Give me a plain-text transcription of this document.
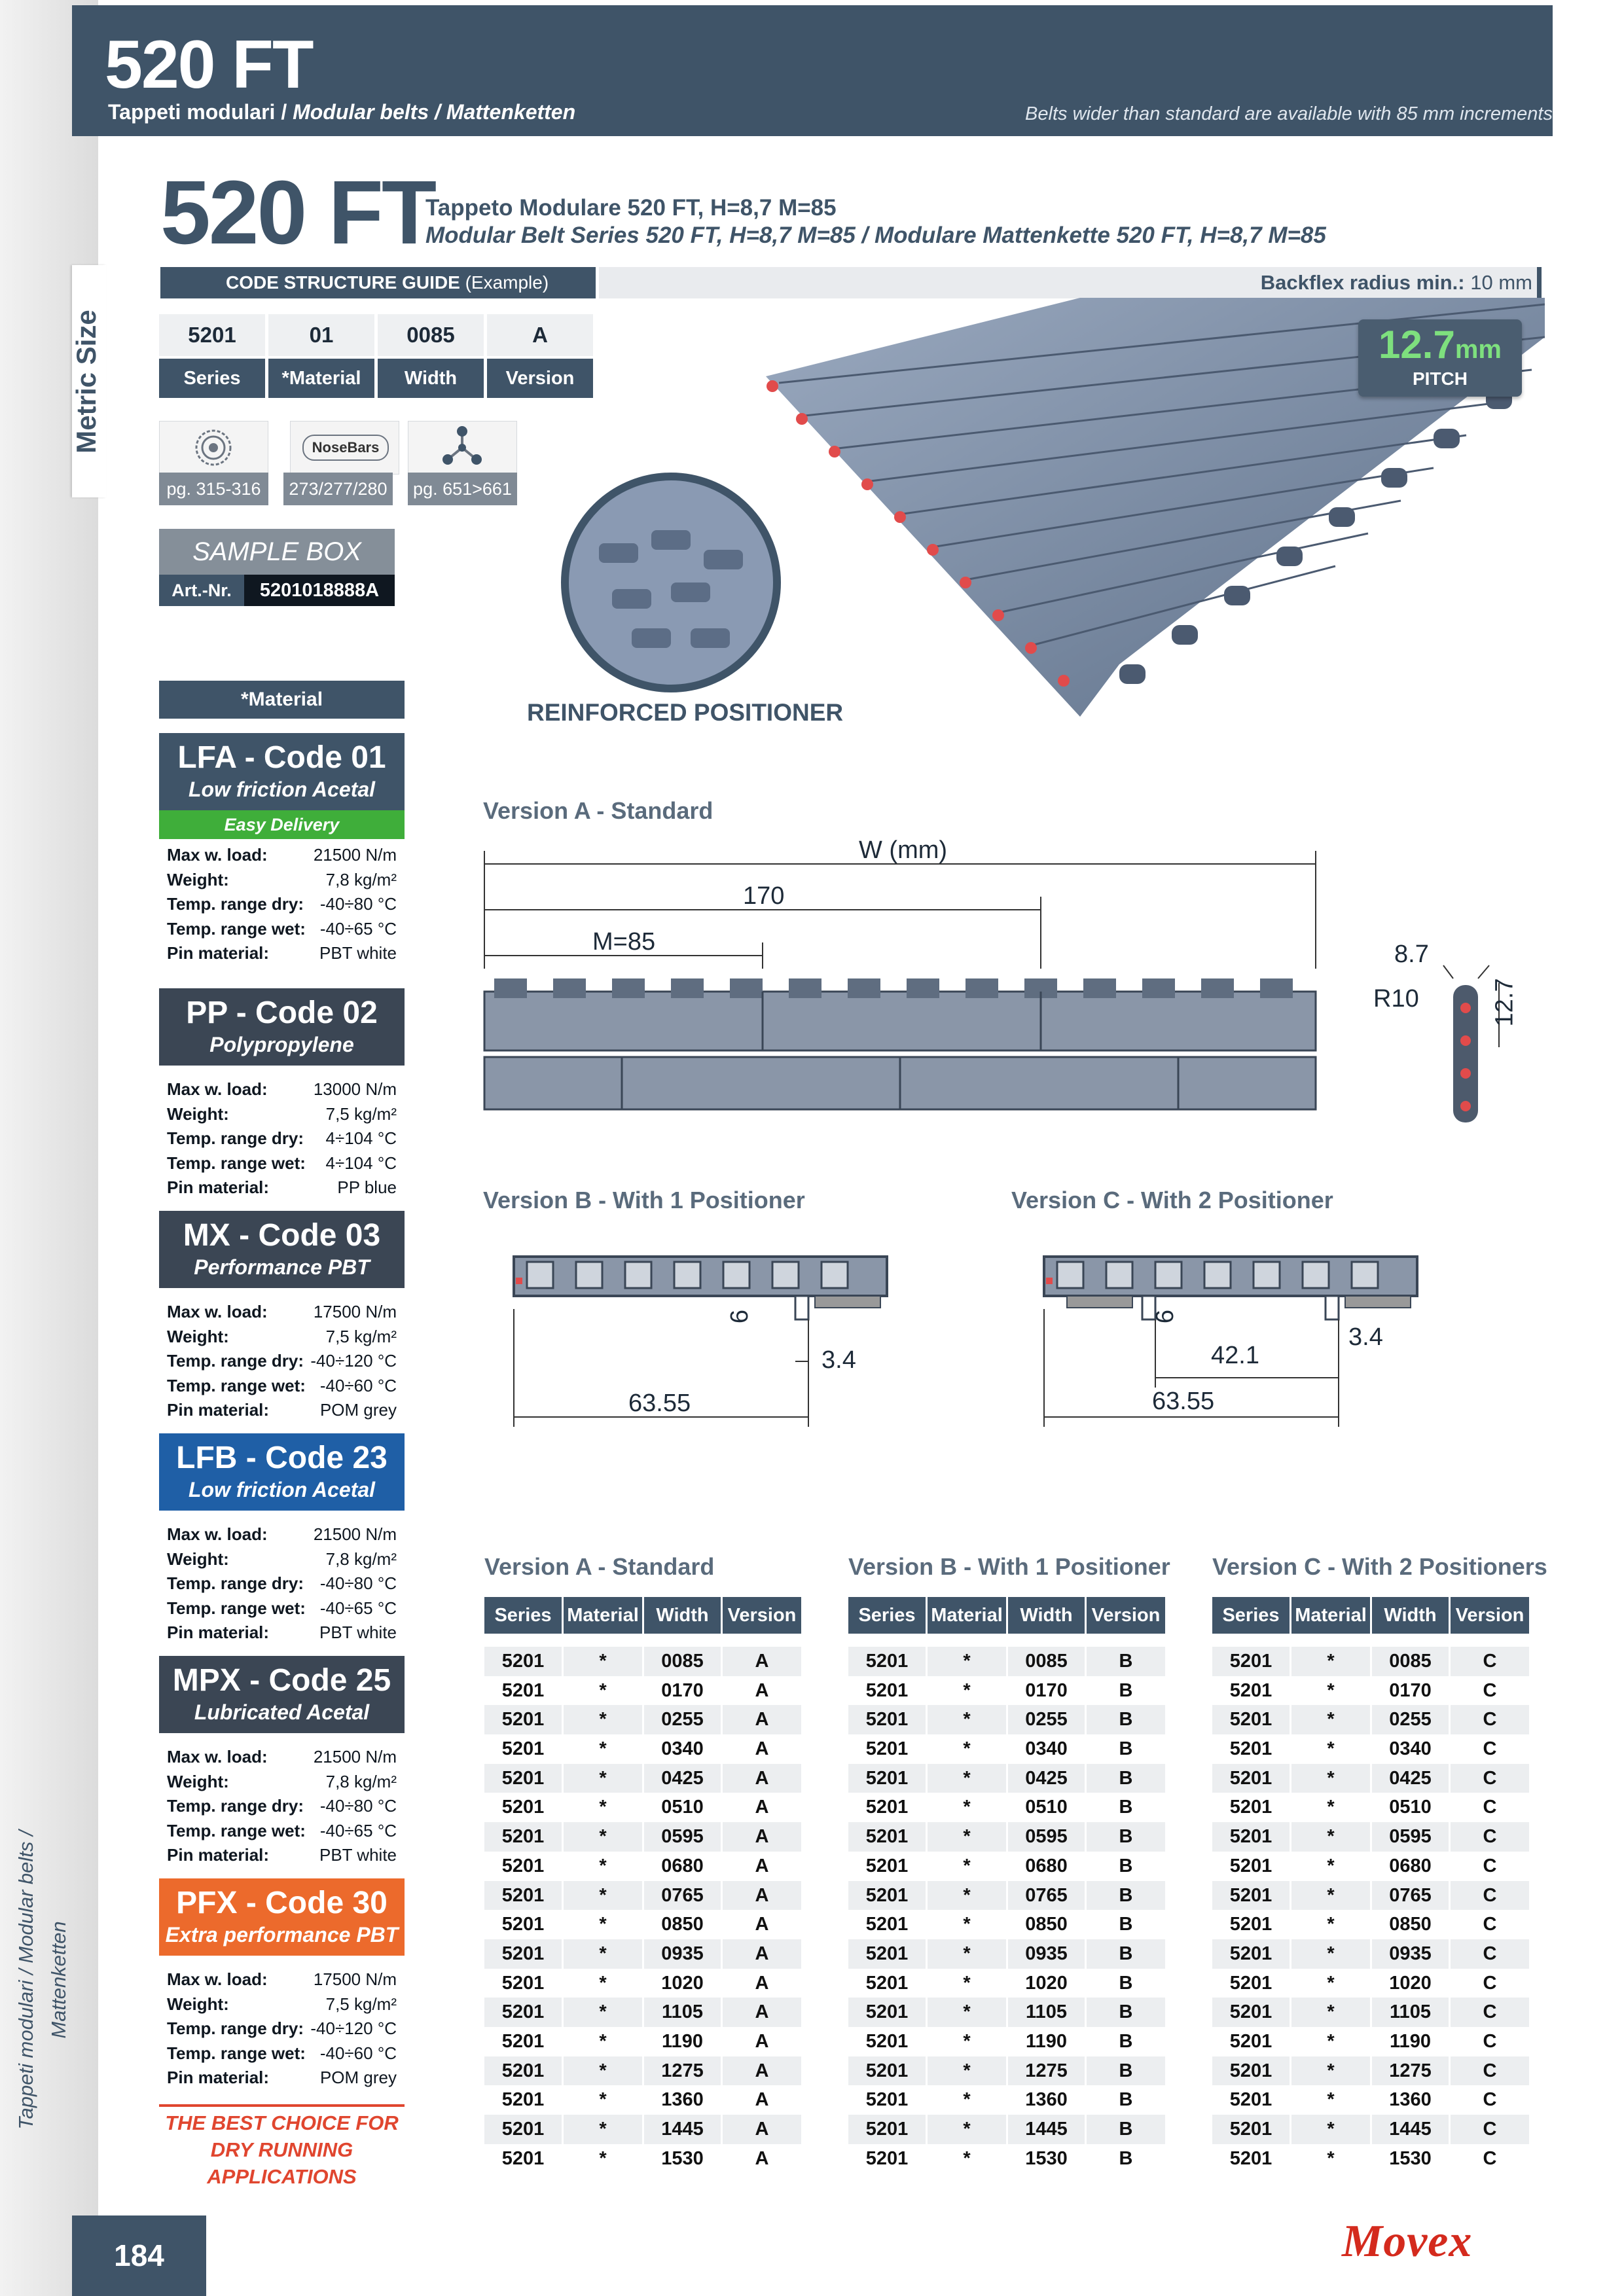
Metric Size
Tappeti modulari / Modular belts / Mattenketten
184
520 FT
Tappeti modulari / Modular belts / Mattenketten	Belts wider than standard are available with 85 mm increments
520 FT
Tappeto Modulare 520 FT, H=8,7 M=85
Modular Belt Series 520 FT, H=8,7 M=85 / Modulare Mattenkette 520 FT, H=8,7 M=85
CODE STRUCTURE GUIDE (Example)	Backflex radius min.: 10 mm
5201	01	0085	A
Series	*Material	Width	Version
NoseBars
pg. 315-316	273/277/280	pg. 651>661
SAMPLE BOX
Art.-Nr.	5201018888A
12.7mm
PITCH
REINFORCED POSITIONER
*Material
LFA - Code 01
Low friction Acetal
Easy Delivery
Max w. load:	21500 N/m
Weight:	7,8 kg/m²
Temp. range dry: -40÷80 °C
Temp. range wet: -40÷65 °C
Pin material:	PBT white
PP - Code 02
Polypropylene
Max w. load:	13000 N/m
Weight:	7,5 kg/m²
Temp. range dry: 4÷104 °C
Temp. range wet: 4÷104 °C
Pin material:	PP blue
MX - Code 03
Performance PBT
Max w. load:	17500 N/m
Weight:	7,5 kg/m²
Temp. range dry: -40÷120 °C
Temp. range wet: -40÷60 °C
Pin material:	POM grey
LFB - Code 23
Low friction Acetal
Max w. load:	21500 N/m
Weight:	7,8 kg/m²
Temp. range dry: -40÷80 °C
Temp. range wet: -40÷65 °C
Pin material:	PBT white
MPX - Code 25
Lubricated Acetal
Max w. load:	21500 N/m
Weight:	7,8 kg/m²
Temp. range dry: -40÷80 °C
Temp. range wet: -40÷65 °C
Pin material:	PBT white
PFX - Code 30
Extra performance PBT
Max w. load:	17500 N/m
Weight:	7,5 kg/m²
Temp. range dry: -40÷120 °C
Temp. range wet: -40÷60 °C
Pin material:	POM grey
THE BEST CHOICE FOR
DRY RUNNING APPLICATIONS
Version A - Standard
W (mm)
170
M=85	8.7
R10	12.7
Version B - With 1 Positioner
6
3.4
63.55
Version C - With 2 Positioner
6
3.4
42.1
63.55
Version A - Standard
Series Material Width Version
5201	*	0085	A
5201	*	0170	A
5201	*	0255	A
5201	*	0340	A
5201	*	0425	A
5201	*	0510	A
5201	*	0595	A
5201	*	0680	A
5201	*	0765	A
5201	*	0850	A
5201	*	0935	A
5201	*	1020	A
5201	*	1105	A
5201	*	1190	A
5201	*	1275	A
5201	*	1360	A
5201	*	1445	A
5201	*	1530	A
Version B - With 1 Positioner
Series Material Width Version
5201	*	0085	B
5201	*	0170	B
5201	*	0255	B
5201	*	0340	B
5201	*	0425	B
5201	*	0510	B
5201	*	0595	B
5201	*	0680	B
5201	*	0765	B
5201	*	0850	B
5201	*	0935	B
5201	*	1020	B
5201	*	1105	B
5201	*	1190	B
5201	*	1275	B
5201	*	1360	B
5201	*	1445	B
5201	*	1530	B
Version C - With 2 Positioners
Series Material Width Version
5201	*	0085	C
5201	*	0170	C
5201	*	0255	C
5201	*	0340	C
5201	*	0425	C
5201	*	0510	C
5201	*	0595	C
5201	*	0680	C
5201	*	0765	C
5201	*	0850	C
5201	*	0935	C
5201	*	1020	C
5201	*	1105	C
5201	*	1190	C
5201	*	1275	C
5201	*	1360	C
5201	*	1445	C
5201	*	1530	C
Movex
